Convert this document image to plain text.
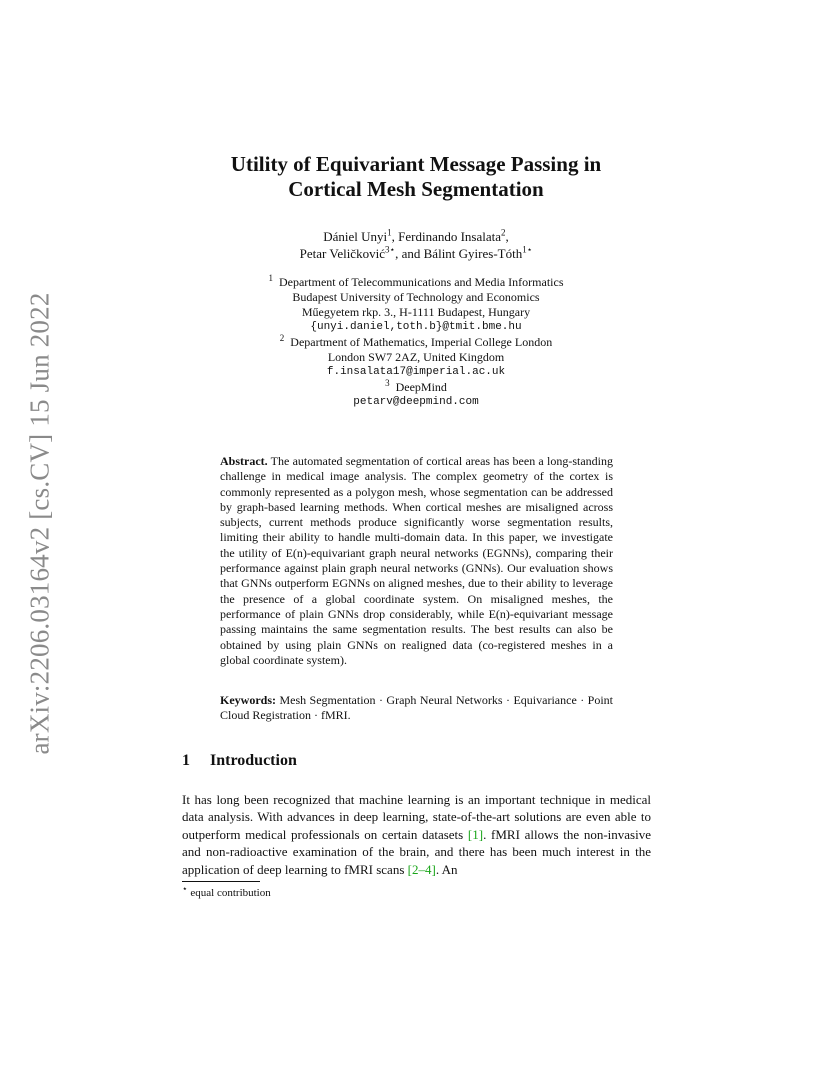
arXiv:2206.03164v2 [cs.CV] 15 Jun 2022
Utility of Equivariant Message Passing in
Cortical Mesh Segmentation
Dániel Unyi$^1$, Ferdinando Insalata$^2$,
Petar Veličković$^{3⋆}$, and Bálint Gyires-Tóth$^{1⋆}$
$^1$ Department of Telecommunications and Media Informatics
Budapest University of Technology and Economics
Műegyetem rkp. 3., H-1111 Budapest, Hungary
{unyi.daniel,toth.b}@tmit.bme.hu
$^2$ Department of Mathematics, Imperial College London
London SW7 2AZ, United Kingdom
f.insalata17@imperial.ac.uk
$^3$ DeepMind
petarv@deepmind.com
Abstract. The automated segmentation of cortical areas has been a long-standing challenge in medical image analysis. The complex geometry of the cortex is commonly represented as a polygon mesh, whose segmentation can be addressed by graph-based learning methods. When cortical meshes are misaligned across subjects, current methods produce significantly worse segmentation results, limiting their ability to handle multi-domain data. In this paper, we investigate the utility of E(n)-equivariant graph neural networks (EGNNs), comparing their performance against plain graph neural networks (GNNs). Our evaluation shows that GNNs outperform EGNNs on aligned meshes, due to their ability to leverage the presence of a global coordinate system. On misaligned meshes, the performance of plain GNNs drop considerably, while E(n)-equivariant message passing maintains the same segmentation results. The best results can also be obtained by using plain GNNs on realigned data (co-registered meshes in a global coordinate system).
Keywords: Mesh Segmentation · Graph Neural Networks · Equivariance · Point Cloud Registration · fMRI.
1 Introduction
It has long been recognized that machine learning is an important technique in medical data analysis. With advances in deep learning, state-of-the-art solutions are even able to outperform medical professionals on certain datasets [1]. fMRI allows the non-invasive and non-radioactive examination of the brain, and there has been much interest in the application of deep learning to fMRI scans [2–4]. An
⋆ equal contribution
